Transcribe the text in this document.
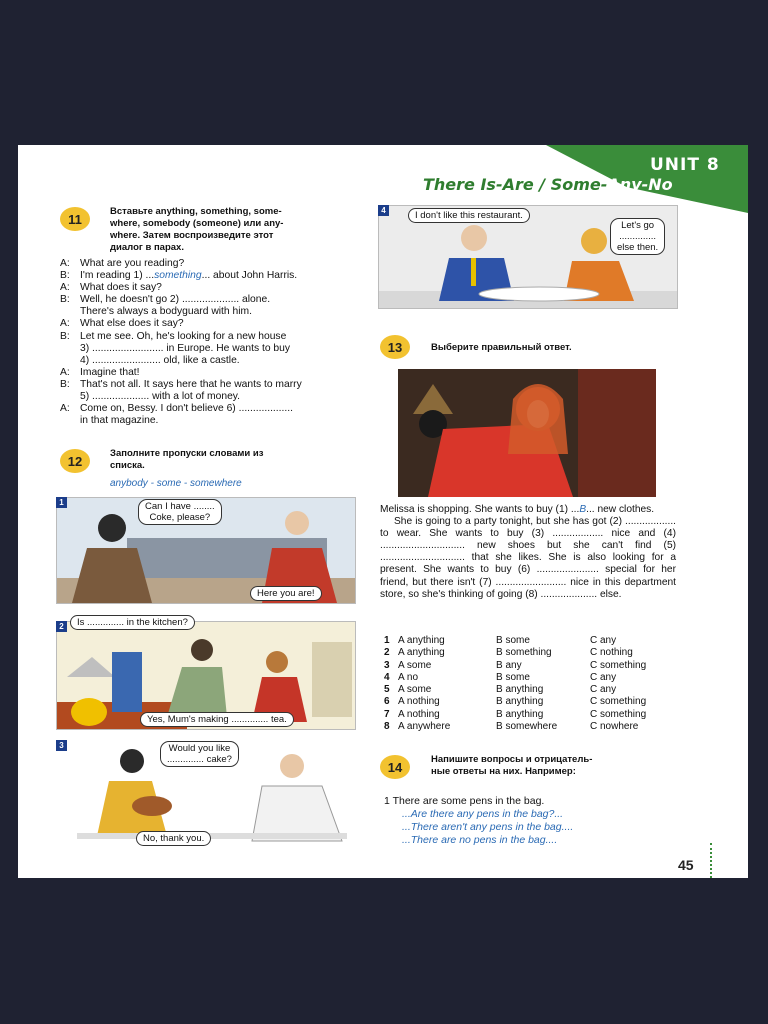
UNIT 8
There Is-Are / Some-Any-No
11	Вставьте anything, something, some-
where, somebody (someone) или any-
where. Затем воспроизведите этот
диалог в парах.
A: What are you reading?
B: I'm reading 1) ...something... about John Harris.
A: What does it say?
B: Well, he doesn't go 2) .................... alone.
There's always a bodyguard with him.
A: What else does it say?
B: Let me see. Oh, he's looking for a new house
3) ......................... in Europe. He wants to buy
4) ........................ old, like a castle.
A: Imagine that!
B: That's not all. It says here that he wants to marry
5) .................... with a lot of money.
A: Come on, Bessy. I don't believe 6) ...................
in that magazine.
12	Заполните пропуски словами из
списка.
anybody - some - somewhere
1	Can I have ........
Coke, please?
Here you are!
2	Is .............. in the kitchen?
Yes, Mum's making .............. tea.
3	Would you like
.............. cake?
No, thank you.
4	I don't like this restaurant.
Let's go
..............
else then.
13	Выберите правильный ответ.

Melissa is shopping. She wants to buy (1) ...B... new clothes.

She is going to a party tonight, but she has got (2) .................. to wear. She wants to buy (3) .................. nice and (4) .............................. new shoes but she can't find (5) .............................. that she likes. She is also looking for a present. She wants to buy (6) ...................... special for her friend, but there isn't (7) ......................... nice in this department store, so she's thinking of going (8) .................... else.

1 A anything	B some	C any
2 A anything	B something	C nothing
3 A some	B any	C something
4 A no	B some	C any
5 A some	B anything	C any
6 A nothing	B anything	C something
7 A nothing	B anything	C something
8 A anywhere	B somewhere	C nowhere
14	Напишите вопросы и отрицатель-
ные ответы на них. Например:
1 There are some pens in the bag.
...Are there any pens in the bag?...
...There aren't any pens in the bag....
...There are no pens in the bag....
45
